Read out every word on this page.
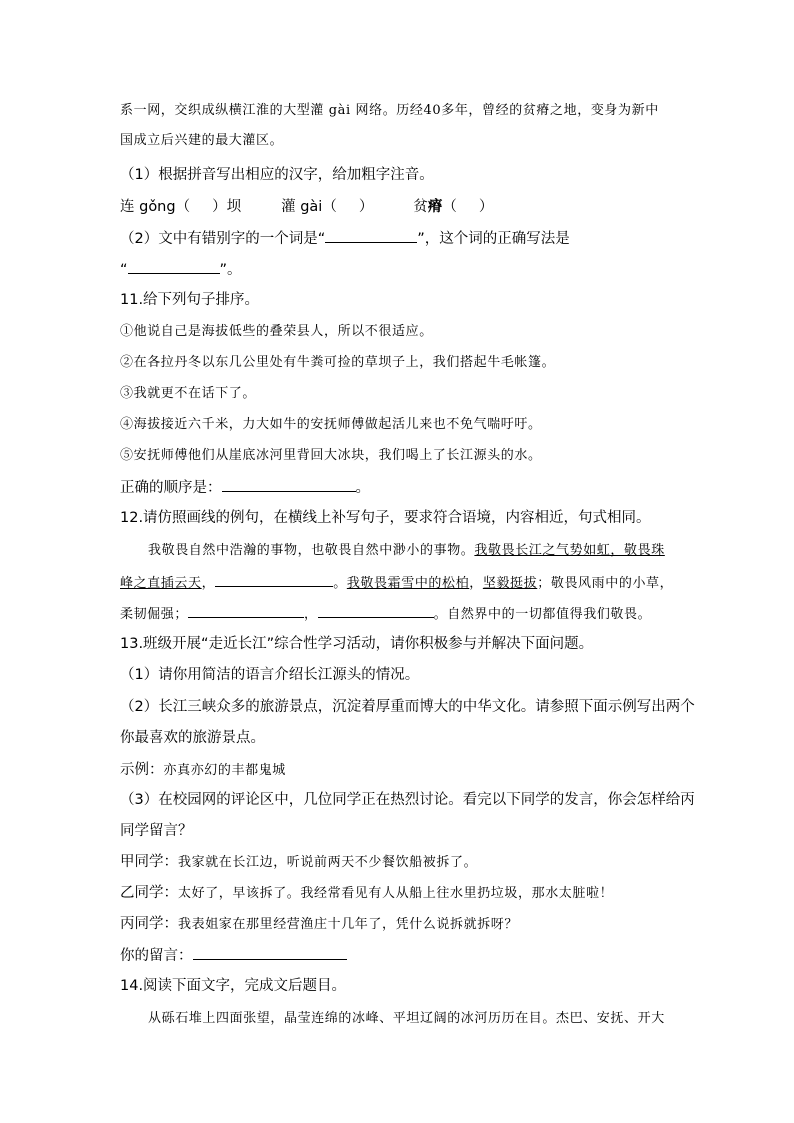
系一网，交织成纵横江淮的大型灌 gài 网络。历经40多年，曾经的贫瘠之地，变身为新中
国成立后兴建的最大灌区。
（1）根据拼音写出相应的汉字，给加粗字注音。
连 gǒng（ ）坝	灌 gài（ ）	贫瘠（ ）
（2）文中有错别字的一个词是“	”，这个词的正确写法是
“	”。
11.给下列句子排序。
①他说自己是海拔低些的叠荣县人，所以不很适应。
②在各拉丹冬以东几公里处有牛粪可捡的草坝子上，我们搭起牛毛帐篷。
③我就更不在话下了。
④海拔接近六千米，力大如牛的安抚师傅做起活儿来也不免气喘吁吁。
⑤安抚师傅他们从崖底冰河里背回大冰块，我们喝上了长江源头的水。
正确的顺序是：	。
12.请仿照画线的例句，在横线上补写句子，要求符合语境，内容相近，句式相同。
我敬畏自然中浩瀚的事物，也敬畏自然中渺小的事物。我敬畏长江之气势如虹，敬畏珠
峰之直插云天，	。我敬畏霜雪中的松柏，坚毅挺拔；敬畏风雨中的小草，
柔韧倔强；	，	。自然界中的一切都值得我们敬畏。
13.班级开展“走近长江”综合性学习活动，请你积极参与并解决下面问题。
（1）请你用简洁的语言介绍长江源头的情况。
（2）长江三峡众多的旅游景点，沉淀着厚重而博大的中华文化。请参照下面示例写出两个
你最喜欢的旅游景点。
示例：亦真亦幻的丰都鬼城
（3）在校园网的评论区中，几位同学正在热烈讨论。看完以下同学的发言，你会怎样给丙
同学留言？
甲同学：我家就在长江边，听说前两天不少餐饮船被拆了。
乙同学：太好了，早该拆了。我经常看见有人从船上往水里扔垃圾，那水太脏啦！
丙同学：我表姐家在那里经营渔庄十几年了，凭什么说拆就拆呀？
你的留言：
14.阅读下面文字，完成文后题目。
从砾石堆上四面张望，晶莹连绵的冰峰、平坦辽阔的冰河历历在目。杰巴、安抚、开大
